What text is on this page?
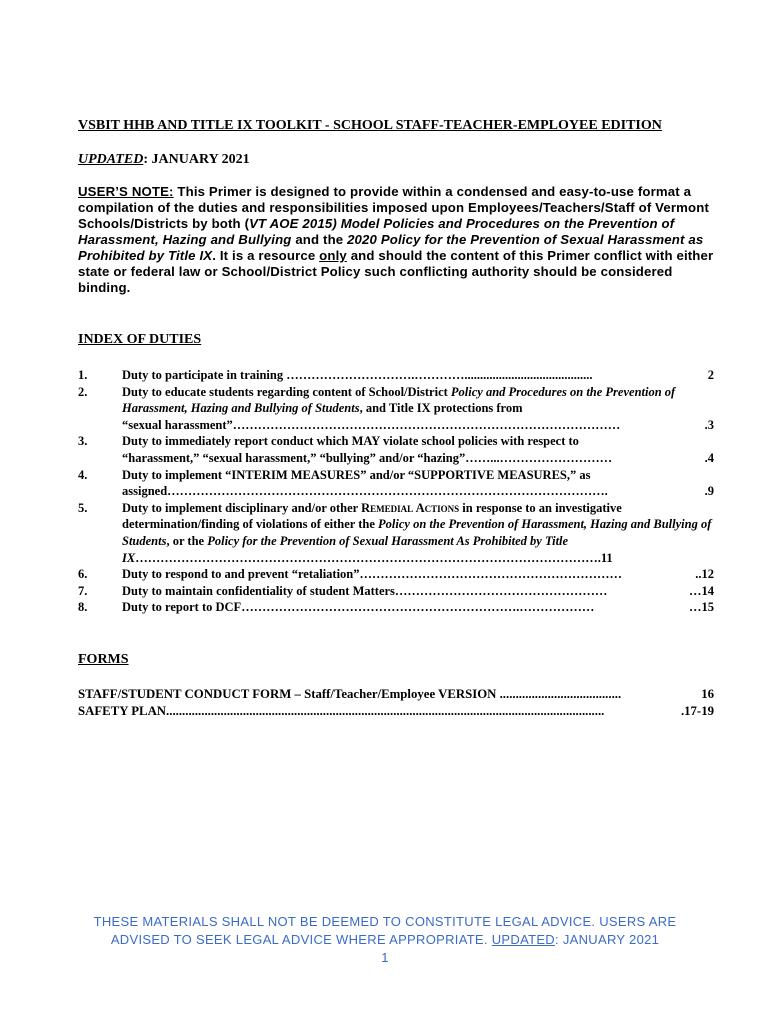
VSBIT HHB AND TITLE IX TOOLKIT - SCHOOL STAFF-TEACHER-EMPLOYEE EDITION
UPDATED: JANUARY 2021
USER’S NOTE: This Primer is designed to provide within a condensed and easy-to-use format a compilation of the duties and responsibilities imposed upon Employees/Teachers/Staff of Vermont Schools/Districts by both (VT AOE 2015) Model Policies and Procedures on the Prevention of Harassment, Hazing and Bullying and the 2020 Policy for the Prevention of Sexual Harassment as Prohibited by Title IX. It is a resource only and should the content of this Primer conflict with either state or federal law or School/District Policy such conflicting authority should be considered binding.
INDEX OF DUTIES
1.	Duty to participate in training ………………………….………….........................................	2
2.	Duty to educate students regarding content of School/District Policy and Procedures on the Prevention of Harassment, Hazing and Bullying of Students, and Title IX protections from
“sexual harassment”…………………………………………………………………………………	.3
3.	Duty to immediately report conduct which MAY violate school policies with respect to
“harassment,” “sexual harassment,” “bullying” and/or “hazing”……...………………………	.4
4.	Duty to implement “INTERIM MEASURES” and/or “SUPPORTIVE MEASURES,” as
assigned…………………………………………………………………………………………….	.9
5.	Duty to implement disciplinary and/or other Remedial Actions in response to an investigative determination/finding of violations of either the Policy on the Prevention of Harassment, Hazing and Bullying of Students, or the Policy for the Prevention of Sexual Harassment As Prohibited by Title IX………………………………………………………………………………………………….11
6.	Duty to respond to and prevent “retaliation”………………………………………………………	..12
7.	Duty to maintain confidentiality of student Matters……………………………………………	…14
8.	Duty to report to DCF………………………………………………………….………………	…15
FORMS
STAFF/STUDENT CONDUCT FORM – Staff/Teacher/Employee VERSION ......................................	16
SAFETY PLAN.........................................................................................................................................	.17-19
THESE MATERIALS SHALL NOT BE DEEMED TO CONSTITUTE LEGAL ADVICE. USERS ARE
ADVISED TO SEEK LEGAL ADVICE WHERE APPROPRIATE. UPDATED: JANUARY 2021
1
